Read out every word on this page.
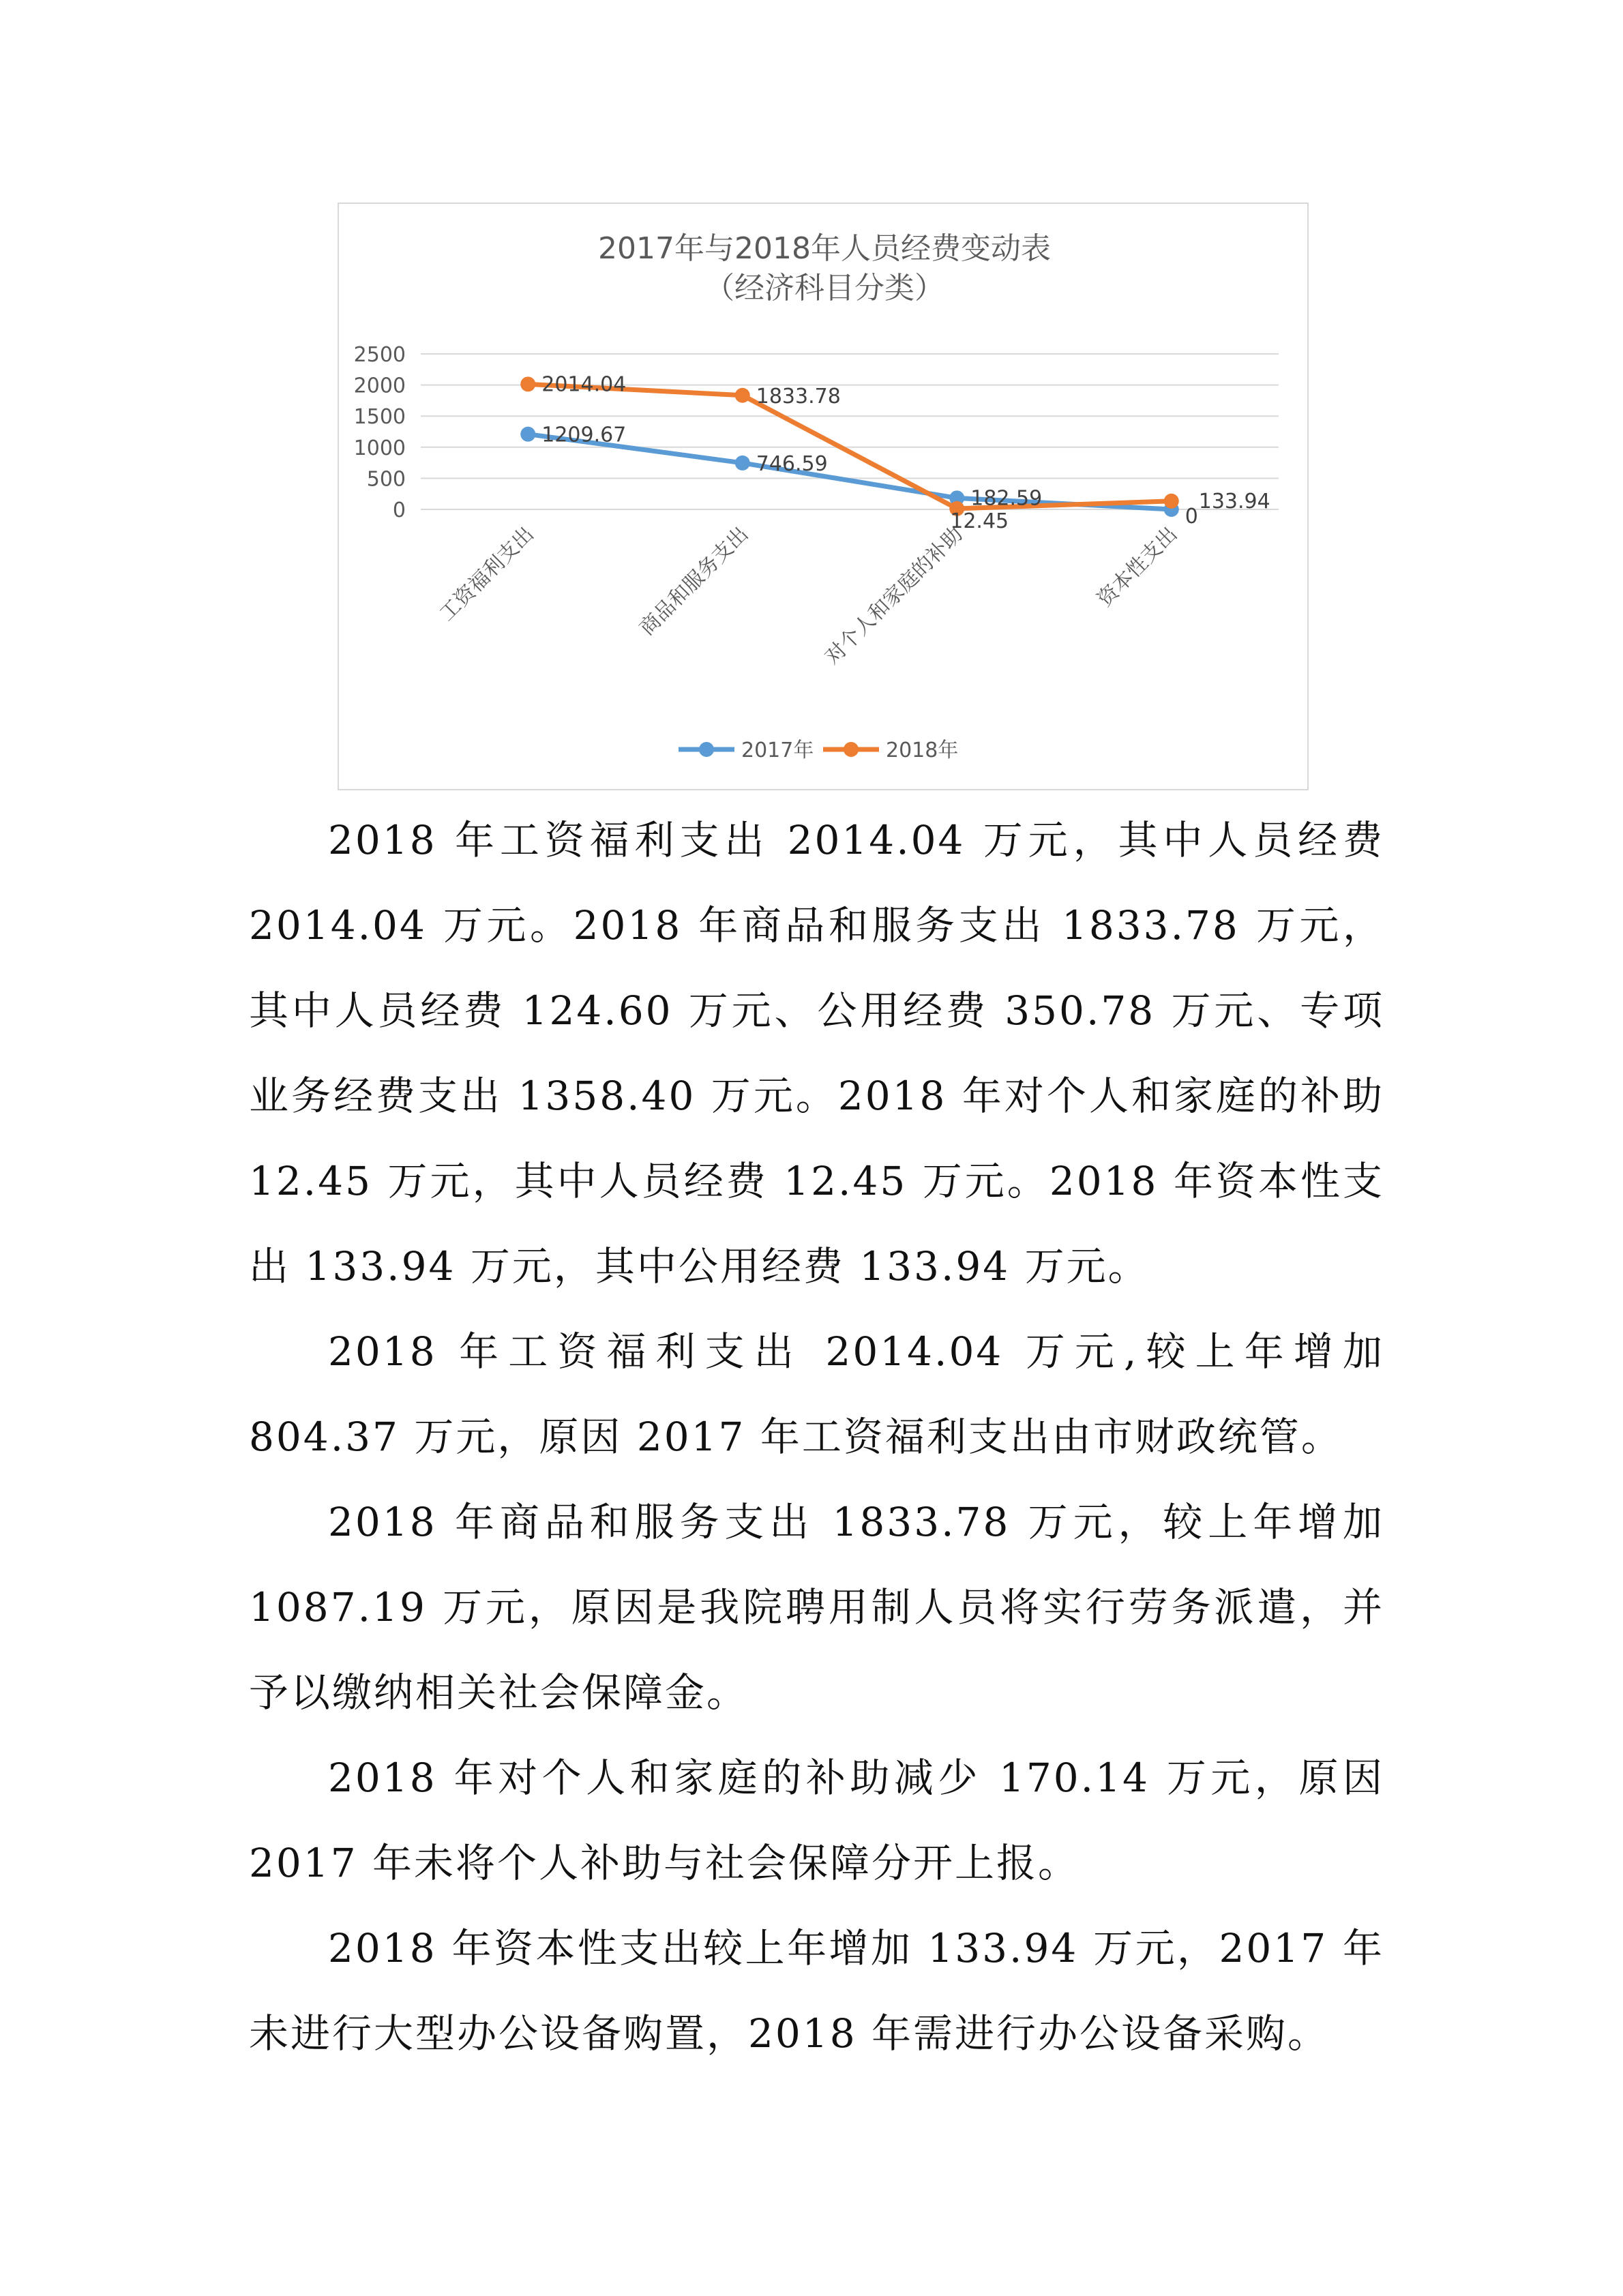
2017年与2018年人员经费变动表
（经济科目分类）
2500
2000
1500
1000
500
0
工资福利支出	商品和服务支出	对个人和家庭的补助	资本性支出
1209.67
746.59
182.59
0
2014.04	1833.78
12.45
133.94
2017年	2018年

2018 年工资福利支出 2014.04 万元，其中人员经费 2014.04 万元。2018 年商品和服务支出 1833.78 万元，其中人员经费 124.60 万元、公用经费 350.78 万元、专项业务经费支出 1358.40 万元。2018 年对个人和家庭的补助 12.45 万元，其中人员经费 12.45 万元。2018 年资本性支出 133.94 万元，其中公用经费 133.94 万元。

2018 年工资福利支出 2014.04 万元,较上年增加 804.37 万元，原因 2017 年工资福利支出由市财政统管。

2018 年商品和服务支出 1833.78 万元，较上年增加 1087.19 万元，原因是我院聘用制人员将实行劳务派遣，并予以缴纳相关社会保障金。

2018 年对个人和家庭的补助减少 170.14 万元，原因 2017 年未将个人补助与社会保障分开上报。

2018 年资本性支出较上年增加 133.94 万元，2017 年未进行大型办公设备购置，2018 年需进行办公设备采购。
